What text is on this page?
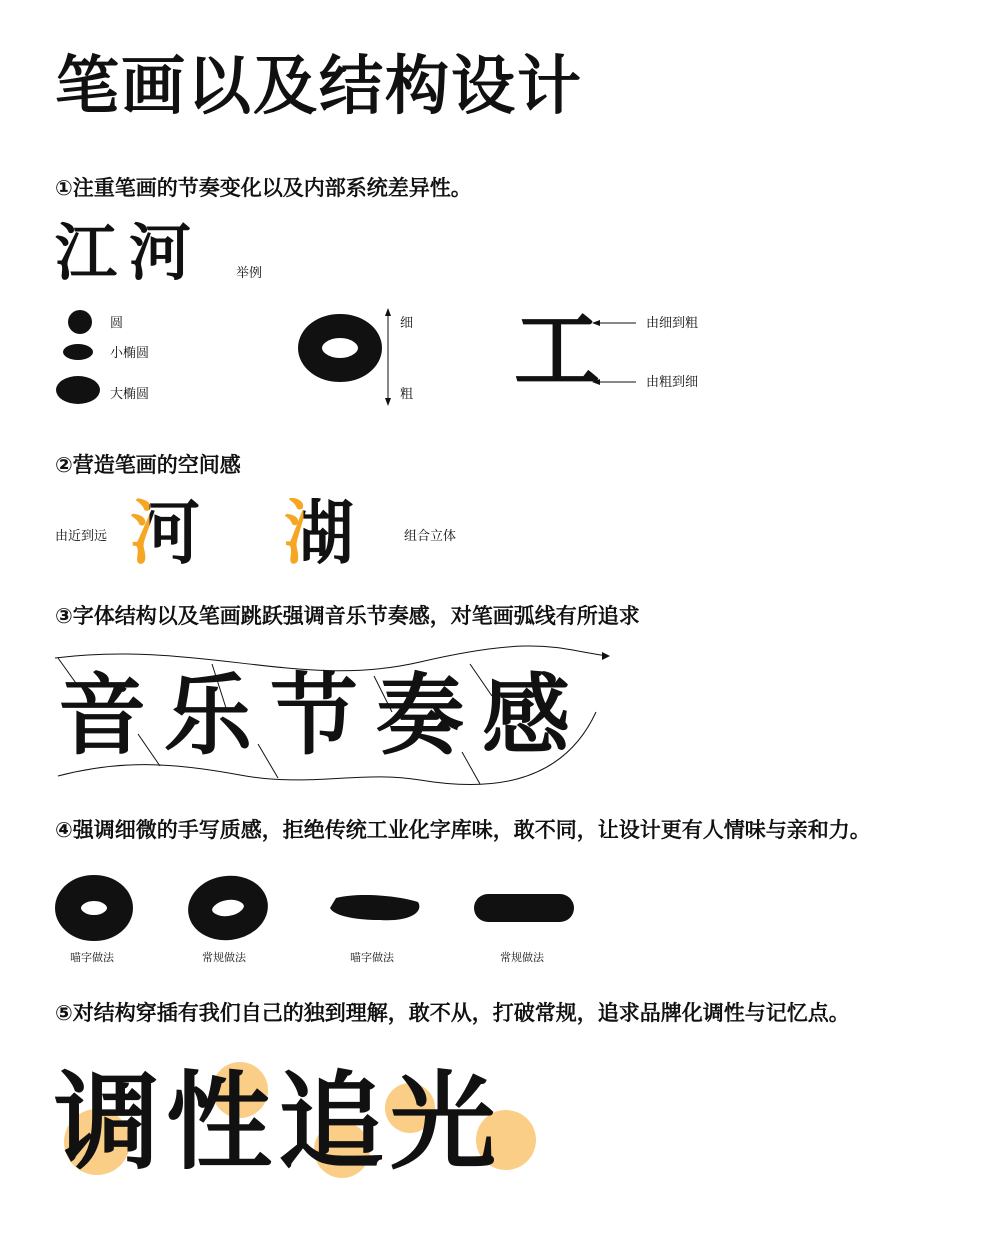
笔画以及结构设计
①注重笔画的节奏变化以及内部系统差异性。
江河	举例
圆
小椭圆
大椭圆
细
粗 工	由细到粗
由粗到细
②营造笔画的空间感
由近到远 河 湖	组合立体
③字体结构以及笔画跳跃强调音乐节奏感，对笔画弧线有所追求
音乐节奏感
④强调细微的手写质感，拒绝传统工业化字库味，敢不同，让设计更有人情味与亲和力。
喵字做法	常规做法	喵字做法	常规做法
⑤对结构穿插有我们自己的独到理解，敢不从，打破常规，追求品牌化调性与记忆点。
调性追光
